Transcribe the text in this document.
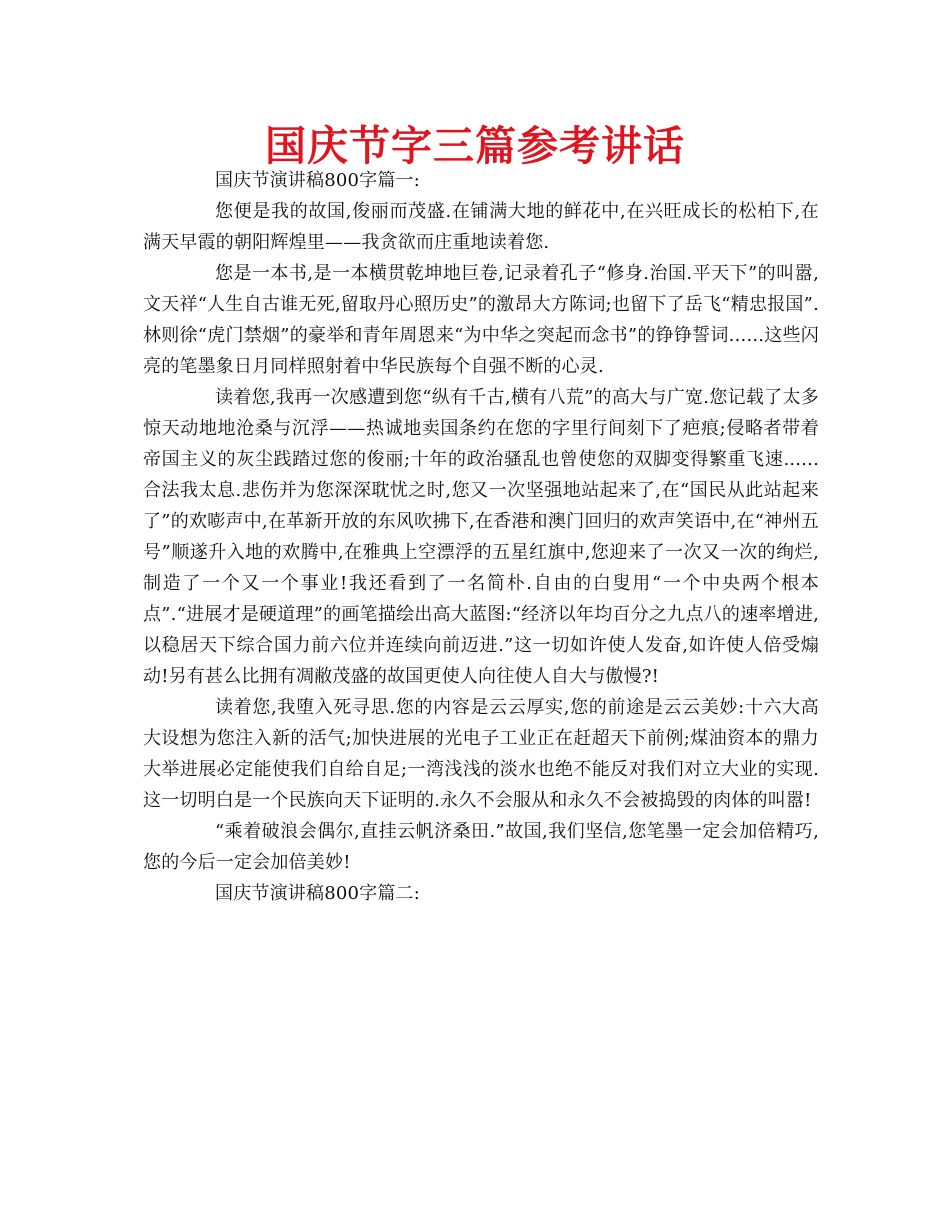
国庆节字三篇参考讲话

国庆节演讲稿800字篇一:

您便是我的故国,俊丽而茂盛.在铺满大地的鲜花中,在兴旺成长的松柏下,在满天早霞的朝阳辉煌里——我贪欲而庄重地读着您.

您是一本书,是一本横贯乾坤地巨卷,记录着孔子“修身.治国.平天下”的叫嚣,文天祥“人生自古谁无死,留取丹心照历史”的激昂大方陈词;也留下了岳飞“精忠报国”.林则徐“虎门禁烟”的豪举和青年周恩来“为中华之突起而念书”的铮铮誓词......这些闪亮的笔墨象日月同样照射着中华民族每个自强不断的心灵.

读着您,我再一次感遭到您“纵有千古,横有八荒”的高大与广宽.您记载了太多惊天动地地沧桑与沉浮——热诚地卖国条约在您的字里行间刻下了疤痕;侵略者带着帝国主义的灰尘践踏过您的俊丽;十年的政治骚乱也曾使您的双脚变得繁重飞速......合法我太息.悲伤并为您深深耽忧之时,您又一次坚强地站起来了,在“国民从此站起来了”的欢嘭声中,在革新开放的东风吹拂下,在香港和澳门回归的欢声笑语中,在“神州五号”顺遂升入地的欢腾中,在雅典上空漂浮的五星红旗中,您迎来了一次又一次的绚烂,制造了一个又一个事业!我还看到了一名简朴.自由的白叟用“一个中央两个根本点”.“进展才是硬道理”的画笔描绘出高大蓝图:“经济以年均百分之九点八的速率增进,以稳居天下综合国力前六位并连续向前迈进.”这一切如许使人发奋,如许使人倍受煽动!另有甚么比拥有凋敝茂盛的故国更使人向往使人自大与傲慢?!

读着您,我堕入死寻思.您的内容是云云厚实,您的前途是云云美妙:十六大高大设想为您注入新的活气;加快进展的光电子工业正在赶超天下前例;煤油资本的鼎力大举进展必定能使我们自给自足;一湾浅浅的淡水也绝不能反对我们对立大业的实现.这一切明白是一个民族向天下证明的.永久不会服从和永久不会被捣毁的肉体的叫嚣!

“乘着破浪会偶尔,直挂云帆济桑田.”故国,我们坚信,您笔墨一定会加倍精巧,您的今后一定会加倍美妙!

国庆节演讲稿800字篇二:
